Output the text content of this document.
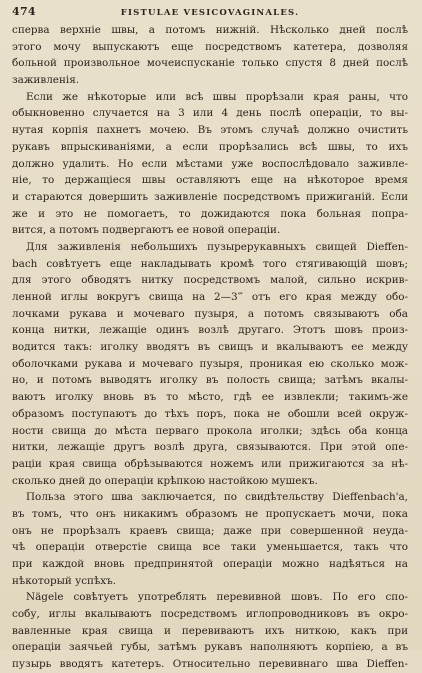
474	FISTULAE VESICOVAGINALES.
сперва верхніе швы, а потомъ нижній. Нѣсколько дней послѣ
этого мочу выпускаютъ еще посредствомъ катетера, дозволяя
больной произвольное мочеиспусканіе только спустя 8 дней послѣ
заживленія.
Если же нѣкоторые или всѣ швы прорѣзали края раны, что
обыкновенно случается на 3 или 4 день послѣ операціи, то вы-
нутая корпія пахнетъ мочею. Въ этомъ случаѣ должно очистить
рукавъ впрыскиваніями, а если прорѣзались всѣ швы, то ихъ
должно удалить. Но если мѣстами уже воспослѣдовало заживле-
ніе, то держащіеся швы оставляютъ еще на нѣкоторое время
и стараются довершить заживленіе посредствомъ прижиганій. Если
же и это не помогаетъ, то дожидаются пока больная попра-
вится, а потомъ подвергаютъ ее новой операціи.
Для заживленія небольшихъ пузырерукавныхъ свищей Dieffen-
bach совѣтуетъ еще накладывать кромѣ того стягивающій шовъ;
для этого обводятъ нитку посредствомъ малой, сильно искрив-
ленной иглы вокругъ свища на 2—3‴ отъ его края между обо-
лочками рукава и мочеваго пузыря, а потомъ связываютъ оба
конца нитки, лежащіе одинъ возлѣ другаго. Этотъ шовъ произ-
водится такъ: иголку вводятъ въ свищъ и вкалываютъ ее между
оболочками рукава и мочеваго пузыря, проникая ею сколько мож-
но, и потомъ выводятъ иголку въ полость свища; затѣмъ вкалы-
ваютъ иголку вновь въ то мѣсто, гдѣ ее извлекли; такимъ-же
образомъ поступаютъ до тѣхъ поръ, пока не обошли всей окруж-
ности свища до мѣста перваго прокола иголки; здѣсь оба конца
нитки, лежащіе другъ возлѣ друга, связываются. При этой опе-
раціи края свища обрѣзываются ножемъ или прижигаются за нѣ-
сколько дней до операціи крѣпкою настойкою мушекъ.
Польза этого шва заключается, по свидѣтельству Dieffenbach'a,
въ томъ, что онъ никакимъ образомъ не пропускаетъ мочи, пока
онъ не прорѣзалъ краевъ свища; даже при совершенной неуда-
чѣ операціи отверстіе свища все таки уменьшается, такъ что
при каждой вновь предпринятой операціи можно надѣяться на
нѣкоторый успѣхъ.
Nägele совѣтуетъ употреблять перевивной шовъ. По его спо-
собу, иглы вкалываютъ посредствомъ иглопроводниковъ въ окро-
вавленные края свища и перевиваютъ ихъ ниткою, какъ при
операціи заячьей губы, затѣмъ рукавъ наполняютъ корпіею, а въ
пузырь вводятъ катетеръ. Относительно перевивнаго шва Dieffen-
